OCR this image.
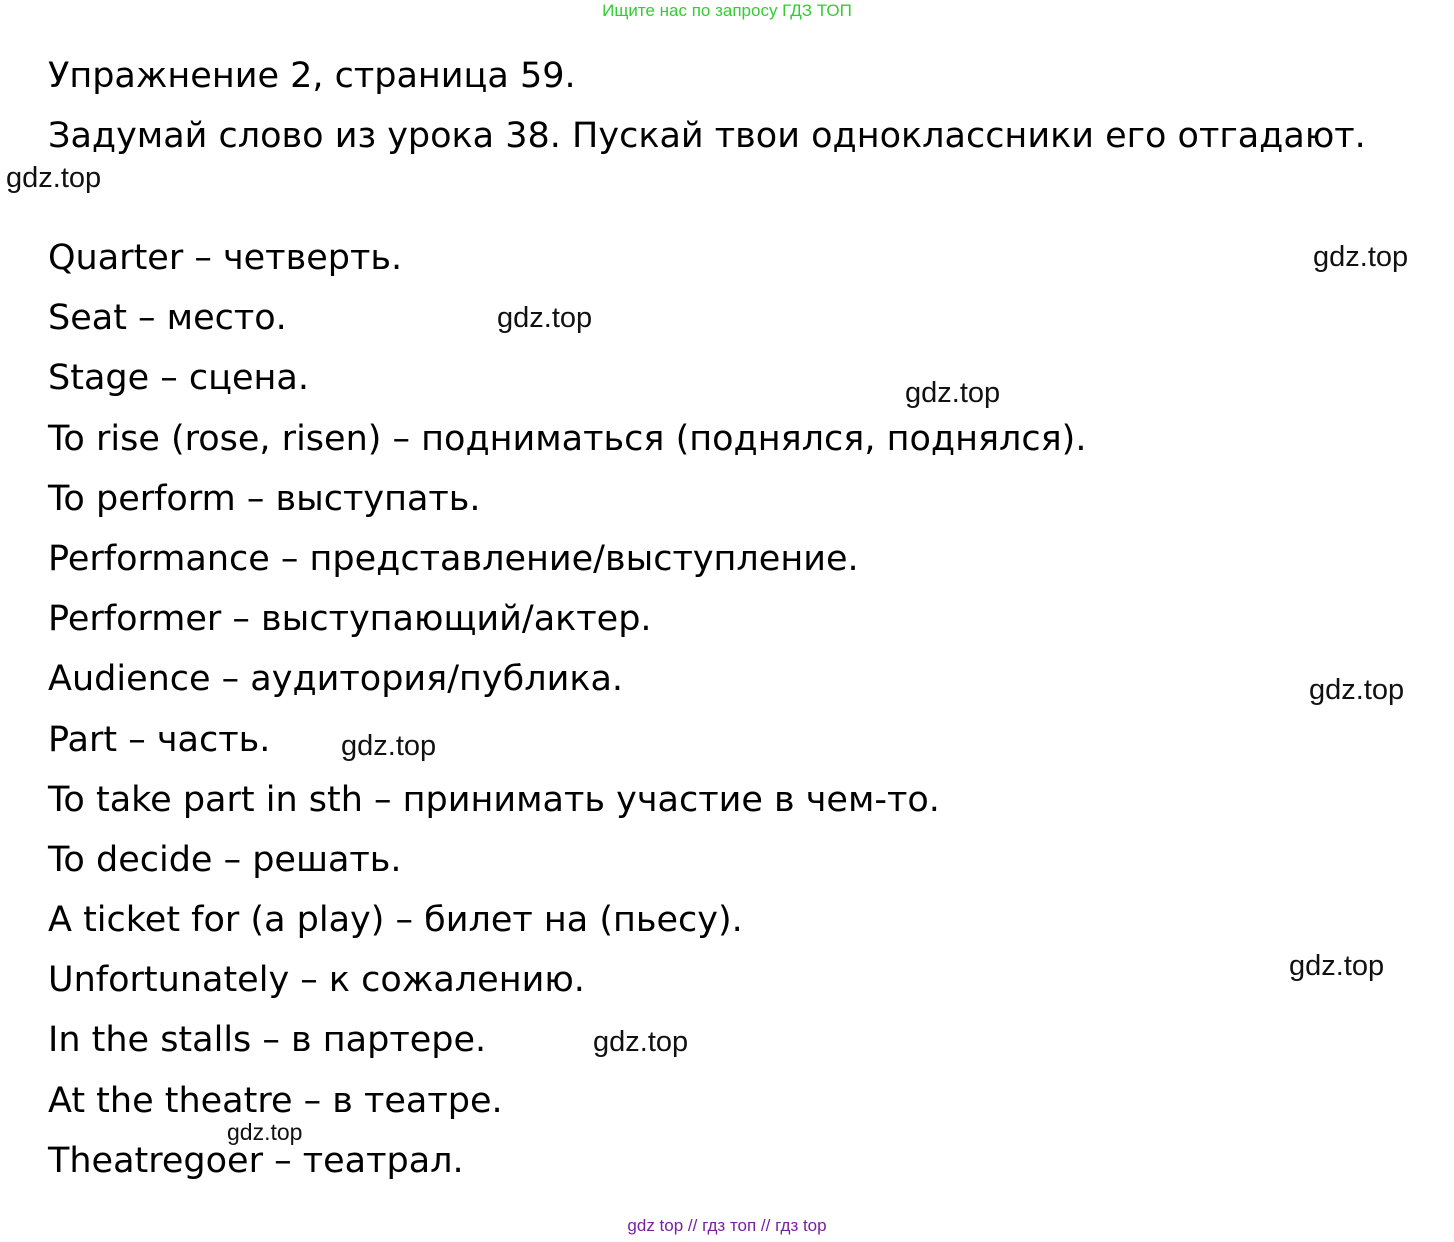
Ищите нас по запросу ГДЗ ТОП
Упражнение 2, страница 59.
Задумай слово из урока 38. Пускай твои одноклассники его отгадают.
Quarter – четверть.
Seat – место.
Stage – сцена.
To rise (rose, risen) – подниматься (поднялся, поднялся).
To perform – выступать.
Performance – представление/выступление.
Performer – выступающий/актер.
Audience – аудитория/публика.
Part – часть.
To take part in sth – принимать участие в чем-то.
To decide – решать.
A ticket for (a play) – билет на (пьесу).
Unfortunately – к сожалению.
In the stalls – в партере.
At the theatre – в театре.
Theatregoer – театрал.
gdz.top
gdz.top
gdz.top
gdz.top
gdz.top
gdz.top
gdz.top
gdz.top
gdz.top
gdz top // гдз топ // гдз top
